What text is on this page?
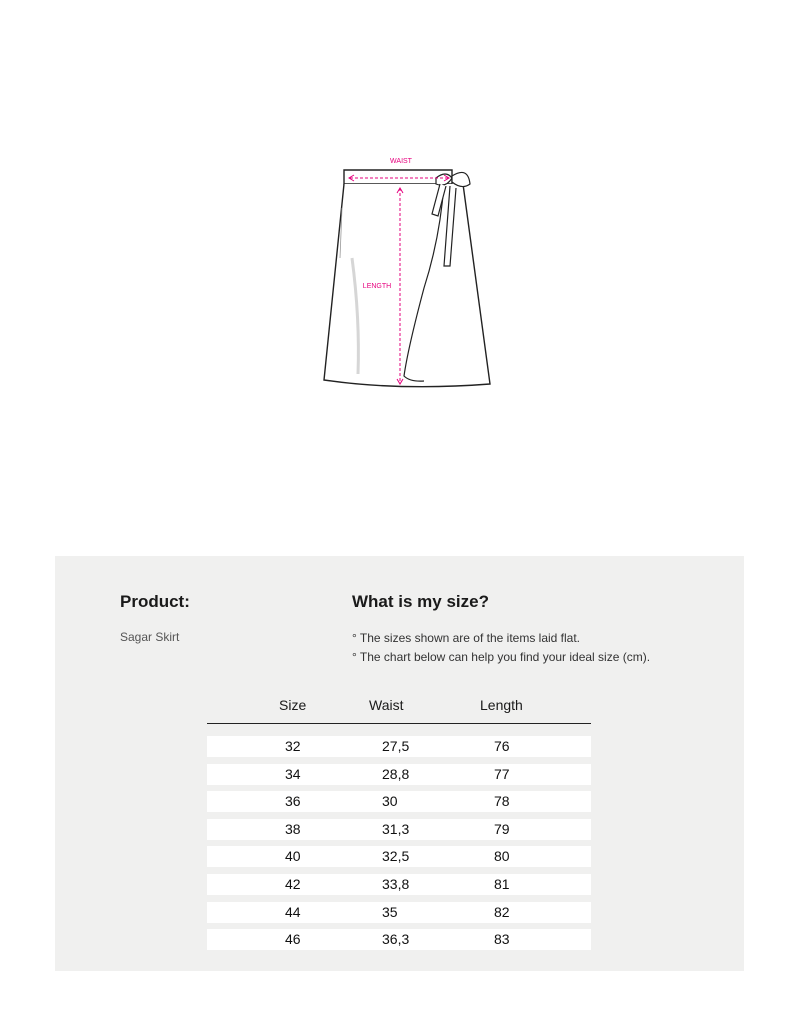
WAIST
LENGTH
Product:
Sagar Skirt
What is my size?
° The sizes shown are of the items laid flat.
° The chart below can help you find your ideal size (cm).
Size	Waist	Length
32	27,5	76
34	28,8	77
36	30	78
38	31,3	79
40	32,5	80
42	33,8	81
44	35	82
46	36,3	83
